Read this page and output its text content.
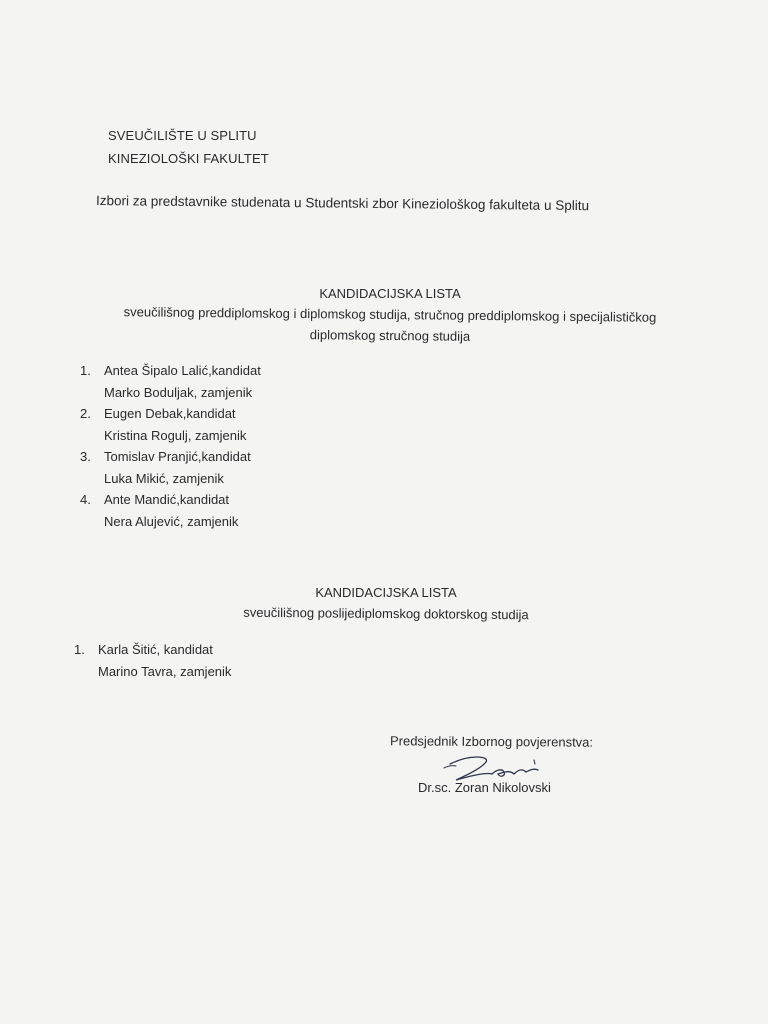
SVEUČILIŠTE U SPLITU
KINEZIOLOŠKI FAKULTET
Izbori za predstavnike studenata u Studentski zbor Kineziološkog fakulteta u Splitu
KANDIDACIJSKA LISTA
sveučilišnog preddiplomskog i diplomskog studija, stručnog preddiplomskog i specijalističkog
diplomskog stručnog studija
1. Antea Šipalo Lalić,kandidat
Marko Boduljak, zamjenik
2. Eugen Debak,kandidat
Kristina Rogulj, zamjenik
3. Tomislav Pranjić,kandidat
Luka Mikić, zamjenik
4. Ante Mandić,kandidat
Nera Alujević, zamjenik
KANDIDACIJSKA LISTA
sveučilišnog poslijediplomskog doktorskog studija
1. Karla Šitić, kandidat
Marino Tavra, zamjenik
Predsjednik Izbornog povjerenstva:
Dr.sc. Zoran Nikolovski
